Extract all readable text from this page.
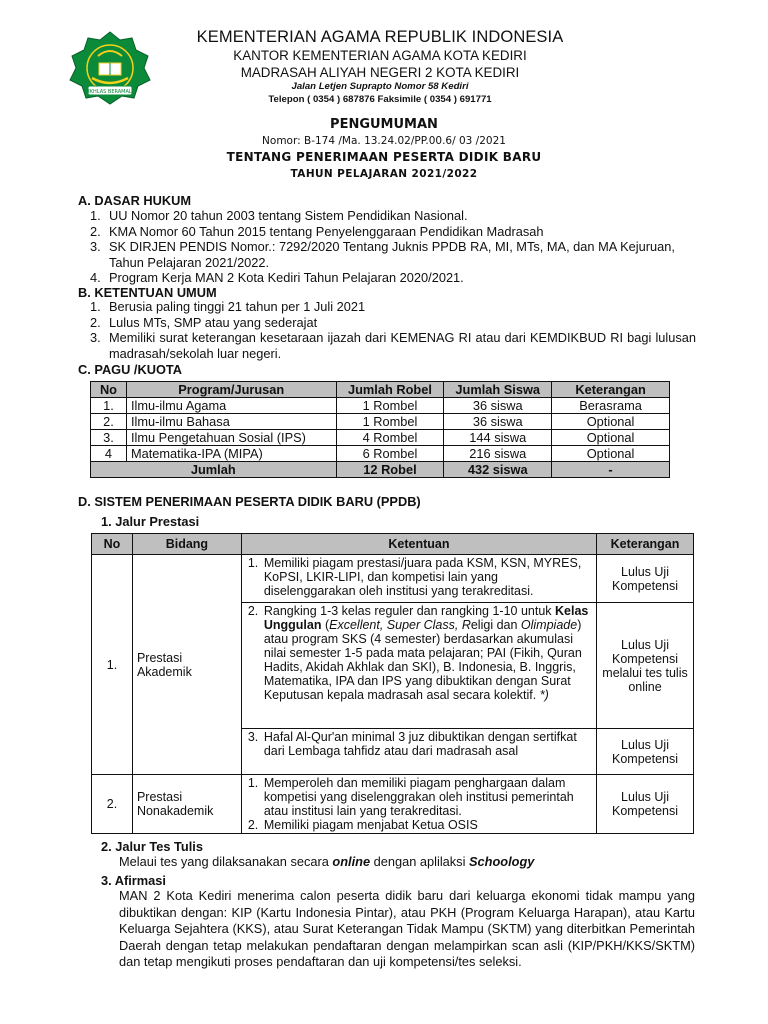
IKHLAS BERAMAL
KEMENTERIAN AGAMA REPUBLIK INDONESIA
KANTOR KEMENTERIAN AGAMA KOTA KEDIRI
MADRASAH ALIYAH NEGERI 2 KOTA KEDIRI
Jalan Letjen Suprapto Nomor 58 Kediri
Telepon ( 0354 ) 687876 Faksimile ( 0354 ) 691771
PENGUMUMAN
Nomor: B-174 /Ma. 13.24.02/PP.00.6/ 03 /2021
TENTANG PENERIMAAN PESERTA DIDIK BARU
TAHUN PELAJARAN 2021/2022
A. DASAR HUKUM
1. UU Nomor 20 tahun 2003 tentang Sistem Pendidikan Nasional.
2. KMA Nomor 60 Tahun 2015 tentang Penyelenggaraan Pendidikan Madrasah
3. SK DIRJEN PENDIS Nomor.: 7292/2020 Tentang Juknis PPDB RA, MI, MTs, MA, dan MA Kejuruan, Tahun Pelajaran 2021/2022.
4. Program Kerja MAN 2 Kota Kediri Tahun Pelajaran 2020/2021.
B. KETENTUAN UMUM
1. Berusia paling tinggi 21 tahun per 1 Juli 2021
2. Lulus MTs, SMP atau yang sederajat
3. Memiliki surat keterangan kesetaraan ijazah dari KEMENAG RI atau dari KEMDIKBUD RI bagi lulusan madrasah/sekolah luar negeri.
C. PAGU /KUOTA
No	Program/Jurusan	Jumlah Robel	Jumlah Siswa	Keterangan
1.	Ilmu-ilmu Agama	1 Rombel	36 siswa	Berasrama
2.	Ilmu-ilmu Bahasa	1 Rombel	36 siswa	Optional
3.	Ilmu Pengetahuan Sosial (IPS)	4 Rombel	144 siswa	Optional
4	Matematika-IPA (MIPA)	6 Rombel	216 siswa	Optional
Jumlah		12 Robel	432 siswa	-
D. SISTEM PENERIMAAN PESERTA DIDIK BARU (PPDB)
1. Jalur Prestasi
No	Bidang	Ketentuan	Keterangan
1.	Prestasi Akademik	1. Memiliki piagam prestasi/juara pada KSM, KSN, MYRES, KoPSI, LKIR-LIPI, dan kompetisi lain yang diselenggarakan oleh institusi yang terakreditasi.	Lulus Uji Kompetensi

		2. Rangking 1-3 kelas reguler dan rangking 1-10 untuk Kelas Unggulan (Excellent, Super Class, Religi dan Olimpiade) atau program SKS (4 semester) berdasarkan akumulasi nilai semester 1-5 pada mata pelajaran; PAI (Fikih, Quran Hadits, Akidah Akhlak dan SKI), B. Indonesia, B. Inggris, Matematika, IPA dan IPS yang dibuktikan dengan Surat Keputusan kepala madrasah asal secara kolektif. *)	Lulus Uji Kompetensi melalui tes tulis online

		3. Hafal Al-Qur'an minimal 3 juz dibuktikan dengan sertifkat dari Lembaga tahfidz atau dari madrasah asal	Lulus Uji Kompetensi
2.	Prestasi Nonakademik	1. Memperoleh dan memiliki piagam penghargaan dalam kompetisi yang diselenggrakan oleh institusi pemerintah atau institusi lain yang terakreditasi.
2. Memiliki piagam menjabat Ketua OSIS	Lulus Uji Kompetensi
2. Jalur Tes Tulis
Melaui tes yang dilaksanakan secara online dengan aplilaksi Schoology
3. Afirmasi
MAN 2 Kota Kediri menerima calon peserta didik baru dari keluarga ekonomi tidak mampu yang dibuktikan dengan: KIP (Kartu Indonesia Pintar), atau PKH (Program Keluarga Harapan), atau Kartu Keluarga Sejahtera (KKS), atau Surat Keterangan Tidak Mampu (SKTM) yang diterbitkan Pemerintah Daerah dengan tetap melakukan pendaftaran dengan melampirkan scan asli (KIP/PKH/KKS/SKTM) dan tetap mengikuti proses pendaftaran dan uji kompetensi/tes seleksi.
